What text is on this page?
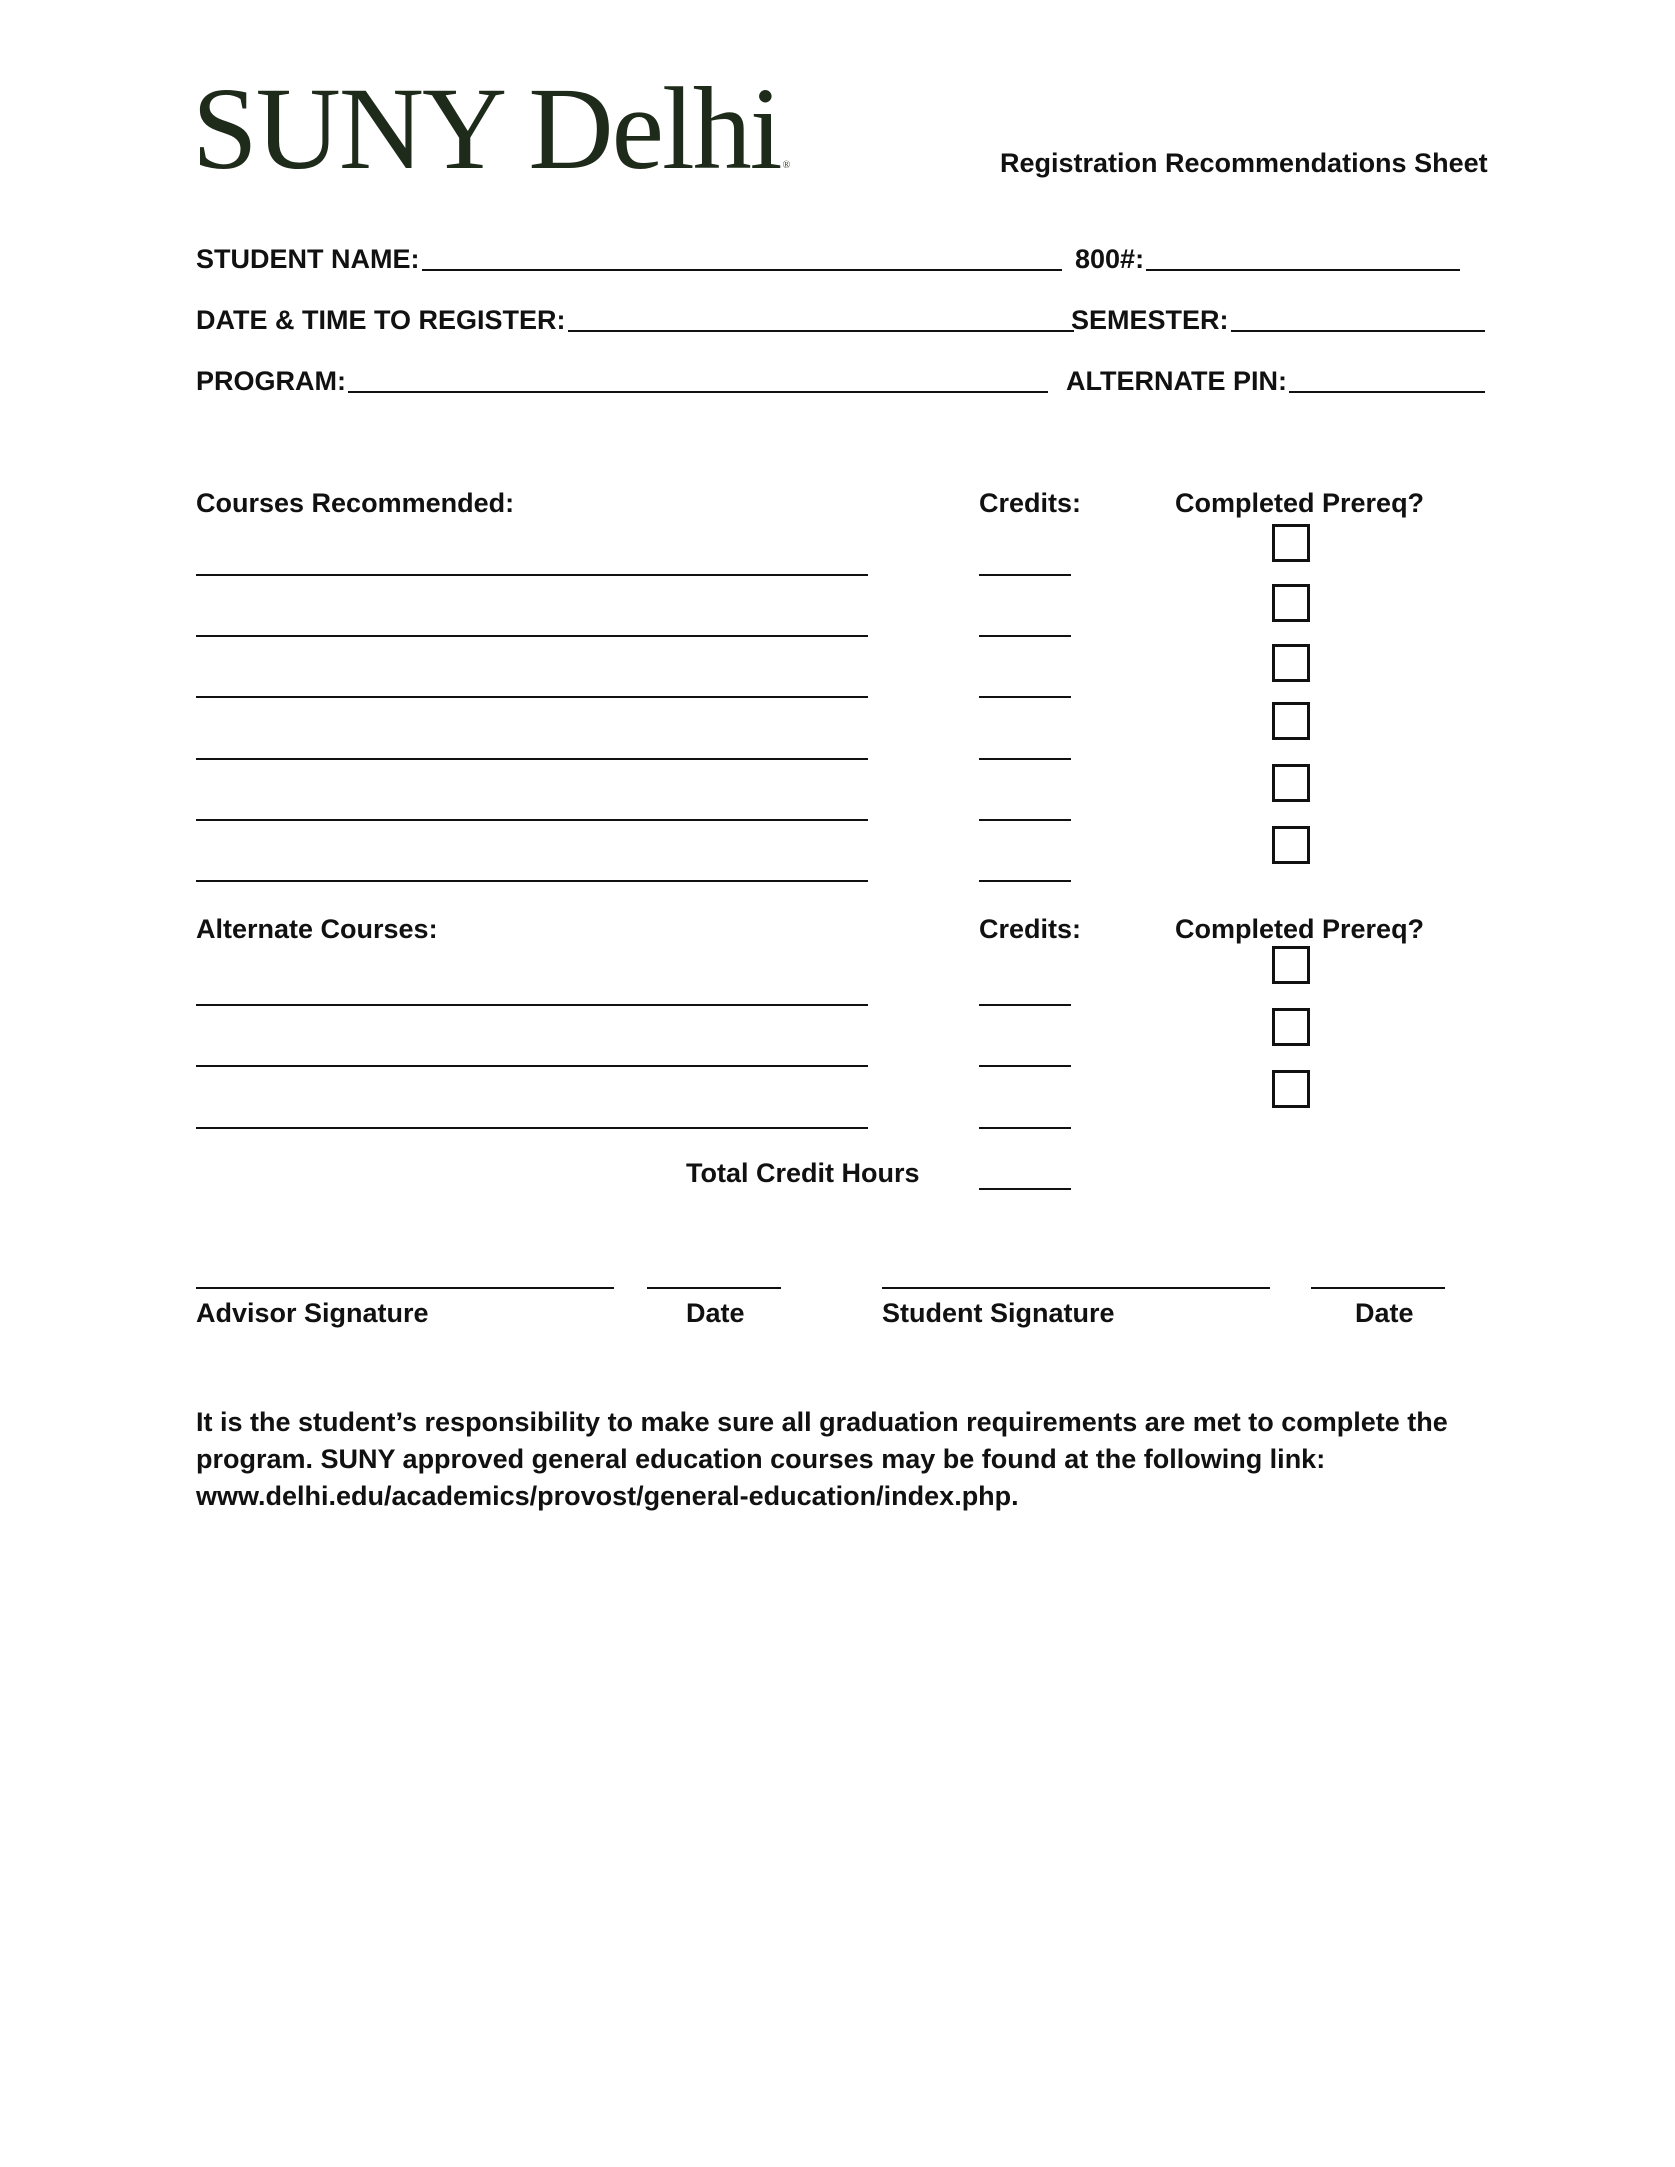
SUNY Delhi ®	Registration Recommendations Sheet
STUDENT NAME:	800#:
DATE & TIME TO REGISTER:	SEMESTER:
PROGRAM:	ALTERNATE PIN:
Courses Recommended:	Credits:	Completed Prereq?
Alternate Courses:	Credits:	Completed Prereq?
Total Credit Hours
Advisor Signature	Date	Student Signature	Date

It is the student’s responsibility to make sure all graduation requirements are met to complete the

program. SUNY approved general education courses may be found at the following link:

www.delhi.edu/academics/provost/general-education/index.php.
